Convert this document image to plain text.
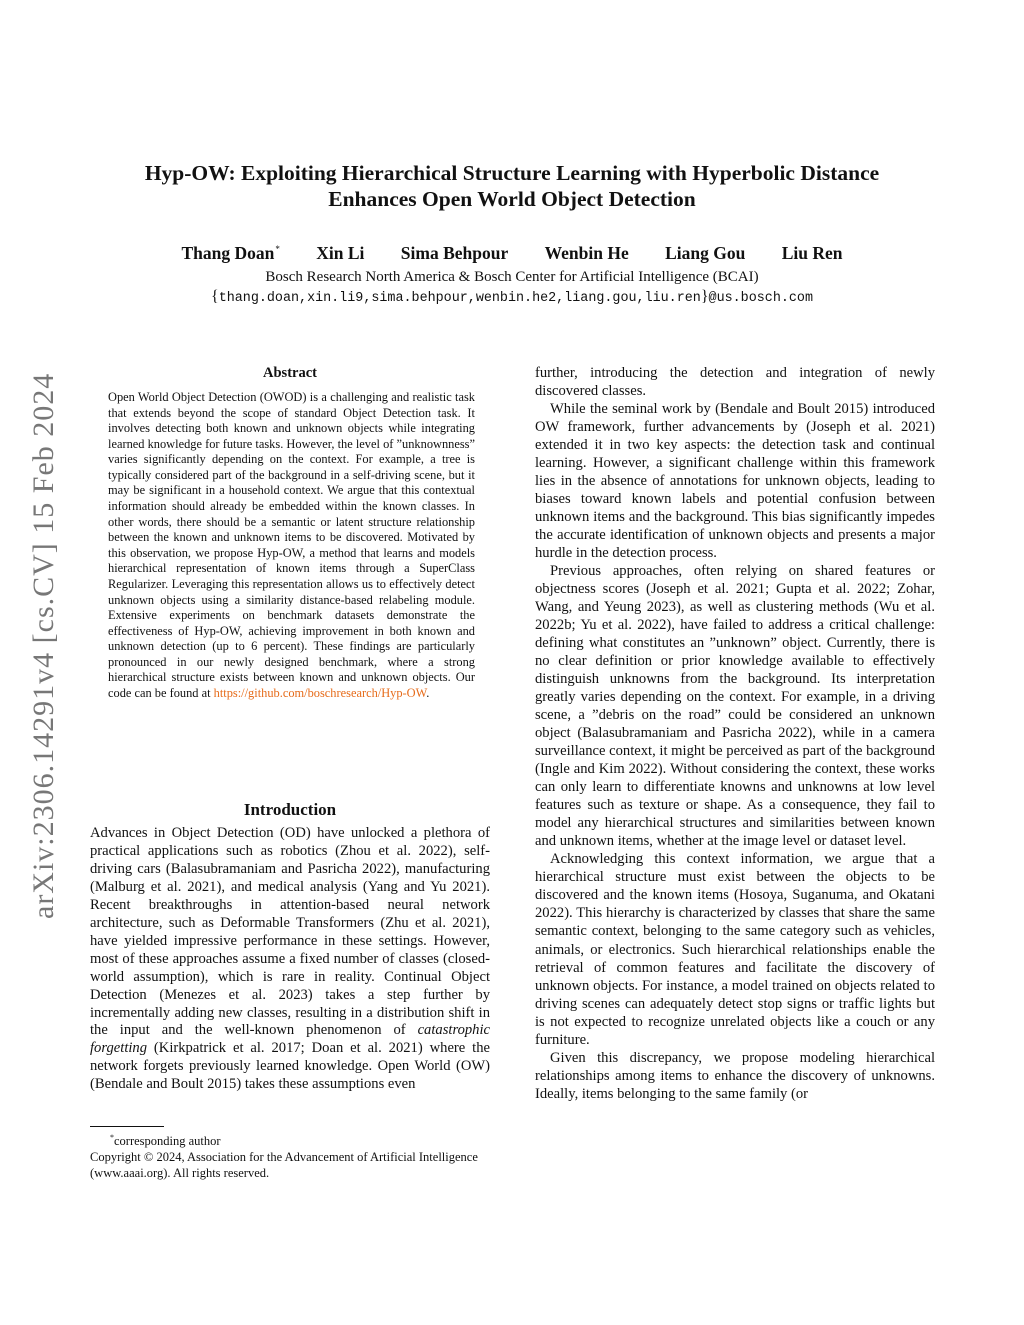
arXiv:2306.14291v4 [cs.CV] 15 Feb 2024
Hyp-OW: Exploiting Hierarchical Structure Learning with Hyperbolic Distance
Enhances Open World Object Detection
Thang Doan* Xin Li Sima Behpour Wenbin He Liang Gou Liu Ren
Bosch Research North America & Bosch Center for Artificial Intelligence (BCAI)
{thang.doan,xin.li9,sima.behpour,wenbin.he2,liang.gou,liu.ren}@us.bosch.com
Abstract
Open World Object Detection (OWOD) is a challenging and realistic task that extends beyond the scope of standard Object Detection task. It involves detecting both known and unknown objects while integrating learned knowledge for future tasks. However, the level of ”unknownness” varies significantly depending on the context. For example, a tree is typically considered part of the background in a self-driving scene, but it may be significant in a household context. We argue that this contextual information should already be embedded within the known classes. In other words, there should be a semantic or latent structure relationship between the known and unknown items to be discovered. Motivated by this observation, we propose Hyp-OW, a method that learns and models hierarchical representation of known items through a SuperClass Regularizer. Leveraging this representation allows us to effectively detect unknown objects using a similarity distance-based relabeling module. Extensive experiments on benchmark datasets demonstrate the effectiveness of Hyp-OW, achieving improvement in both known and unknown detection (up to 6 percent). These findings are particularly pronounced in our newly designed benchmark, where a strong hierarchical structure exists between known and unknown objects. Our code can be found at https://github.com/boschresearch/Hyp-OW.
Introduction

Advances in Object Detection (OD) have unlocked a plethora of practical applications such as robotics (Zhou et al. 2022), self-driving cars (Balasubramaniam and Pasricha 2022), manufacturing (Malburg et al. 2021), and medical analysis (Yang and Yu 2021). Recent breakthroughs in attention-based neural network architecture, such as Deformable Transformers (Zhu et al. 2021), have yielded impressive performance in these settings. However, most of these approaches assume a fixed number of classes (closed-world assumption), which is rare in reality. Continual Object Detection (Menezes et al. 2023) takes a step further by incrementally adding new classes, resulting in a distribution shift in the input and the well-known phenomenon of catastrophic forgetting (Kirkpatrick et al. 2017; Doan et al. 2021) where the network forgets previously learned knowledge. Open World (OW) (Bendale and Boult 2015) takes these assumptions even

*corresponding author
Copyright © 2024, Association for the Advancement of Artificial Intelligence (www.aaai.org). All rights reserved.

further, introducing the detection and integration of newly discovered classes.

While the seminal work by (Bendale and Boult 2015) introduced OW framework, further advancements by (Joseph et al. 2021) extended it in two key aspects: the detection task and continual learning. However, a significant challenge within this framework lies in the absence of annotations for unknown objects, leading to biases toward known labels and potential confusion between unknown items and the background. This bias significantly impedes the accurate identification of unknown objects and presents a major hurdle in the detection process.

Previous approaches, often relying on shared features or objectness scores (Joseph et al. 2021; Gupta et al. 2022; Zohar, Wang, and Yeung 2023), as well as clustering methods (Wu et al. 2022b; Yu et al. 2022), have failed to address a critical challenge: defining what constitutes an ”unknown” object. Currently, there is no clear definition or prior knowledge available to effectively distinguish unknowns from the background. Its interpretation greatly varies depending on the context. For example, in a driving scene, a ”debris on the road” could be considered an unknown object (Balasubramaniam and Pasricha 2022), while in a camera surveillance context, it might be perceived as part of the background (Ingle and Kim 2022). Without considering the context, these works can only learn to differentiate knowns and unknowns at low level features such as texture or shape. As a consequence, they fail to model any hierarchical structures and similarities between known and unknown items, whether at the image level or dataset level.

Acknowledging this context information, we argue that a hierarchical structure must exist between the objects to be discovered and the known items (Hosoya, Suganuma, and Okatani 2022). This hierarchy is characterized by classes that share the same semantic context, belonging to the same category such as vehicles, animals, or electronics. Such hierarchical relationships enable the retrieval of common features and facilitate the discovery of unknown objects. For instance, a model trained on objects related to driving scenes can adequately detect stop signs or traffic lights but is not expected to recognize unrelated objects like a couch or any furniture.

Given this discrepancy, we propose modeling hierarchical relationships among items to enhance the discovery of unknowns. Ideally, items belonging to the same family (or
